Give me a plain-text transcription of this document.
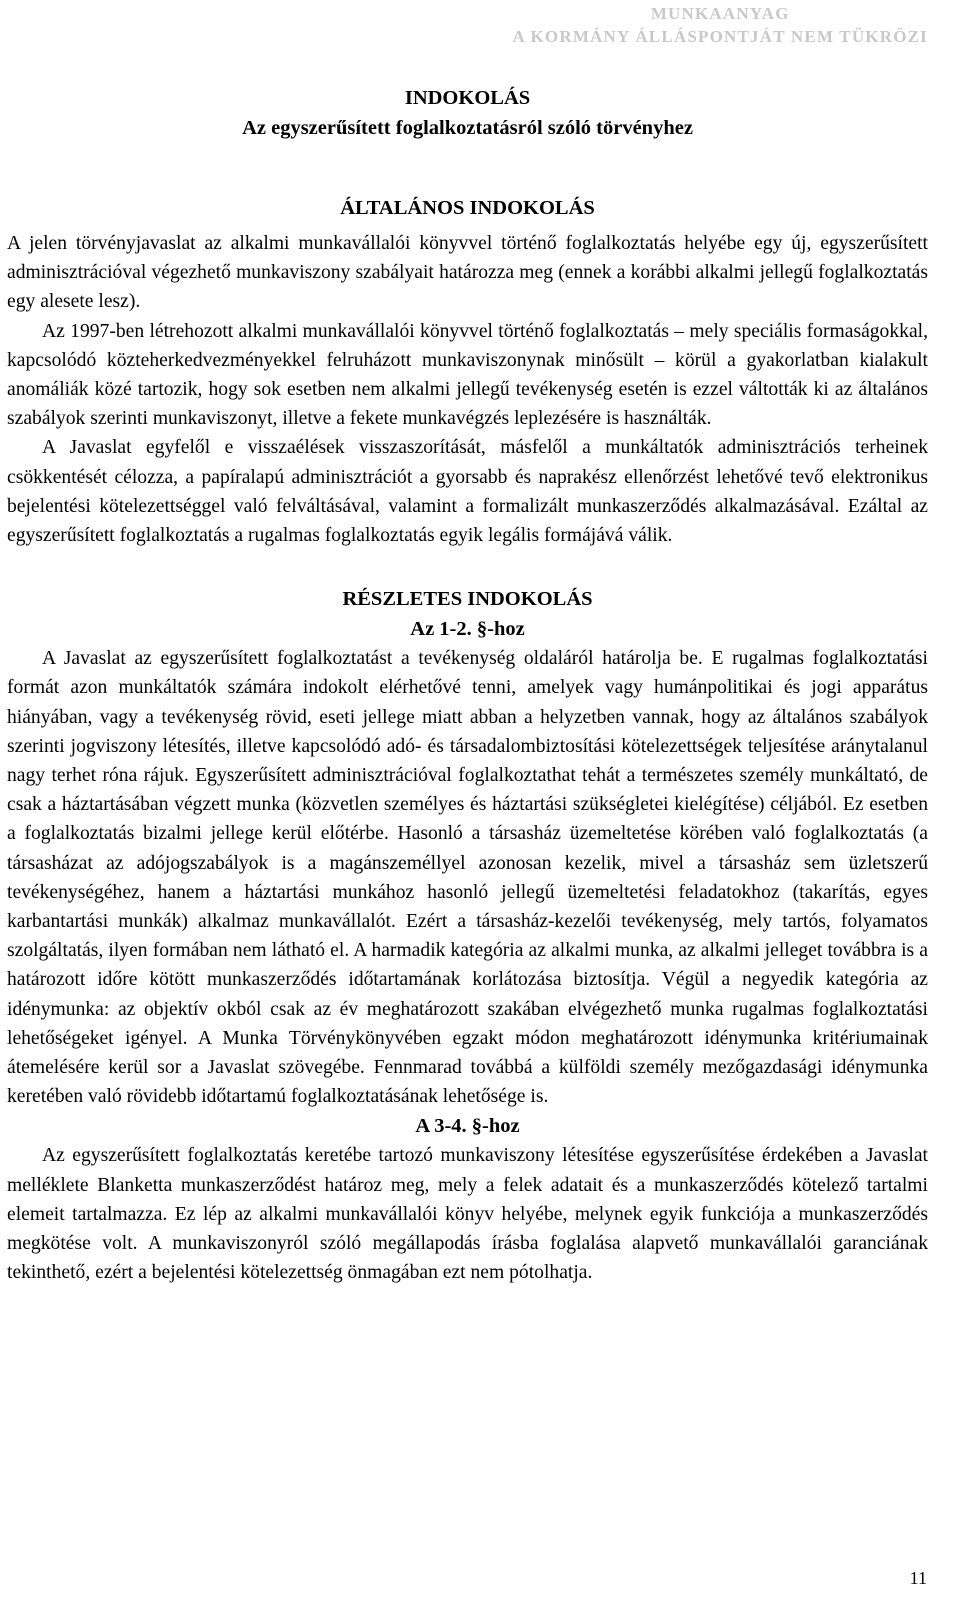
MUNKAANYAG
A KORMÁNY ÁLLÁSPONTJÁT NEM TÜKRÖZI
INDOKOLÁS
Az egyszerűsített foglalkoztatásról szóló törvényhez
ÁLTALÁNOS INDOKOLÁS

A jelen törvényjavaslat az alkalmi munkavállalói könyvvel történő foglalkoztatás helyébe egy új, egyszerűsített adminisztrációval végezhető munkaviszony szabályait határozza meg (ennek a korábbi alkalmi jellegű foglalkoztatás egy alesete lesz).

Az 1997-ben létrehozott alkalmi munkavállalói könyvvel történő foglalkoztatás – mely speciális formaságokkal, kapcsolódó közteherkedvezményekkel felruházott munkaviszonynak minősült – körül a gyakorlatban kialakult anomáliák közé tartozik, hogy sok esetben nem alkalmi jellegű tevékenység esetén is ezzel váltották ki az általános szabályok szerinti munkaviszonyt, illetve a fekete munkavégzés leplezésére is használták.

A Javaslat egyfelől e visszaélések visszaszorítását, másfelől a munkáltatók adminisztrációs terheinek csökkentését célozza, a papíralapú adminisztrációt a gyorsabb és naprakész ellenőrzést lehetővé tevő elektronikus bejelentési kötelezettséggel való felváltásával, valamint a formalizált munkaszerződés alkalmazásával. Ezáltal az egyszerűsített foglalkoztatás a rugalmas foglalkoztatás egyik legális formájává válik.

RÉSZLETES INDOKOLÁS
Az 1-2. §-hoz

A Javaslat az egyszerűsített foglalkoztatást a tevékenység oldaláról határolja be. E rugalmas foglalkoztatási formát azon munkáltatók számára indokolt elérhetővé tenni, amelyek vagy humánpolitikai és jogi apparátus hiányában, vagy a tevékenység rövid, eseti jellege miatt abban a helyzetben vannak, hogy az általános szabályok szerinti jogviszony létesítés, illetve kapcsolódó adó- és társadalombiztosítási kötelezettségek teljesítése aránytalanul nagy terhet róna rájuk. Egyszerűsített adminisztrációval foglalkoztathat tehát a természetes személy munkáltató, de csak a háztartásában végzett munka (közvetlen személyes és háztartási szükségletei kielégítése) céljából. Ez esetben a foglalkoztatás bizalmi jellege kerül előtérbe. Hasonló a társasház üzemeltetése körében való foglalkoztatás (a társasházat az adójogszabályok is a magánszeméllyel azonosan kezelik, mivel a társasház sem üzletszerű tevékenységéhez, hanem a háztartási munkához hasonló jellegű üzemeltetési feladatokhoz (takarítás, egyes karbantartási munkák) alkalmaz munkavállalót. Ezért a társasház-kezelői tevékenység, mely tartós, folyamatos szolgáltatás, ilyen formában nem látható el. A harmadik kategória az alkalmi munka, az alkalmi jelleget továbbra is a határozott időre kötött munkaszerződés időtartamának korlátozása biztosítja. Végül a negyedik kategória az idénymunka: az objektív okból csak az év meghatározott szakában elvégezhető munka rugalmas foglalkoztatási lehetőségeket igényel. A Munka Törvénykönyvében egzakt módon meghatározott idénymunka kritériumainak átemelésére kerül sor a Javaslat szövegébe. Fennmarad továbbá a külföldi személy mezőgazdasági idénymunka keretében való rövidebb időtartamú foglalkoztatásának lehetősége is.

A 3-4. §-hoz

Az egyszerűsített foglalkoztatás keretébe tartozó munkaviszony létesítése egyszerűsítése érdekében a Javaslat melléklete Blanketta munkaszerződést határoz meg, mely a felek adatait és a munkaszerződés kötelező tartalmi elemeit tartalmazza. Ez lép az alkalmi munkavállalói könyv helyébe, melynek egyik funkciója a munkaszerződés megkötése volt. A munkaviszonyról szóló megállapodás írásba foglalása alapvető munkavállalói garanciának tekinthető, ezért a bejelentési kötelezettség önmagában ezt nem pótolhatja.

11
